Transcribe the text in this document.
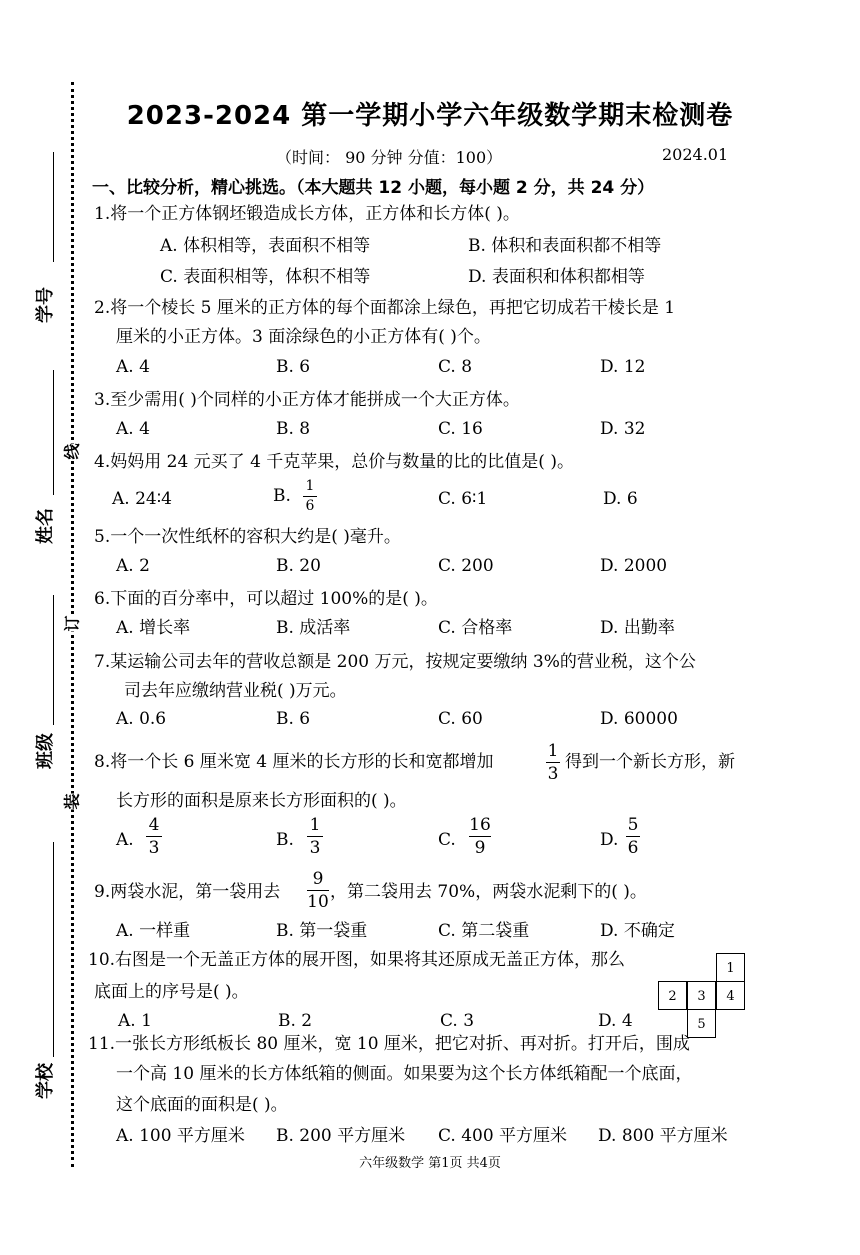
学号
姓名
班级
学校
线
订
装
2023-2024 第一学期小学六年级数学期末检测卷
（时间： 90 分钟 分值：100）	2024.01
一、比较分析，精心挑选。（本大题共 12 小题，每小题 2 分，共 24 分）
1.将一个正方体钢坯锻造成长方体，正方体和长方体( )。
A. 体积相等，表面积不相等	B. 体积和表面积都不相等
C. 表面积相等，体积不相等	D. 表面积和体积都相等
2.将一个棱长 5 厘米的正方体的每个面都涂上绿色，再把它切成若干棱长是 1
厘米的小正方体。3 面涂绿色的小正方体有( )个。
A. 4	B. 6	C. 8	D. 12
3.至少需用( )个同样的小正方体才能拼成一个大正方体。
A. 4	B. 8	C. 16	D. 32
4.妈妈用 24 元买了 4 千克苹果，总价与数量的比的比值是( )。
A. 24∶4	B. 1
6	C. 6∶1	D. 6
5.一个一次性纸杯的容积大约是( )毫升。
A. 2	B. 20	C. 200	D. 2000
6.下面的百分率中，可以超过 100%的是( )。
A. 增长率	B. 成活率	C. 合格率	D. 出勤率
7.某运输公司去年的营收总额是 200 万元，按规定要缴纳 3%的营业税，这个公
司去年应缴纳营业税( )万元。
A. 0.6	B. 6	C. 60	D. 60000
8.将一个长 6 厘米宽 4 厘米的长方形的长和宽都增加
1
3
得到一个新长方形，新
长方形的面积是原来长方形面积的( )。
A.
4
3	B.
1
3	C.
16
9	D.
5
6
9.两袋水泥，第一袋用去
9
10 ，第二袋用去 70%，两袋水泥剩下的( )。
A. 一样重	B. 第一袋重	C. 第二袋重	D. 不确定
10.右图是一个无盖正方体的展开图，如果将其还原成无盖正方体，那么
底面上的序号是( )。
A. 1	B. 2	C. 3	D. 4
1
2	3	4
5
11.一张长方形纸板长 80 厘米，宽 10 厘米，把它对折、再对折。打开后，围成
一个高 10 厘米的长方体纸箱的侧面。如果要为这个长方体纸箱配一个底面，
这个底面的面积是( )。
A. 100 平方厘米 B. 200 平方厘米 C. 400 平方厘米 D. 800 平方厘米
六年级数学 第1页 共4页
